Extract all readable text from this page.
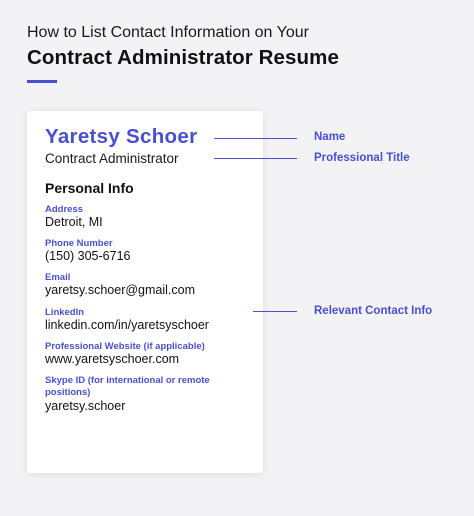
How to List Contact Information on Your
Contract Administrator Resume
Yaretsy Schoer
Contract Administrator
Personal Info
Address
Detroit, MI
Phone Number
(150) 305-6716
Email
yaretsy.schoer@gmail.com
LinkedIn
linkedin.com/in/yaretsyschoer
Professional Website (if applicable)
www.yaretsyschoer.com
Skype ID (for international or remote positions)
yaretsy.schoer
Name
Professional Title
Relevant Contact Info
